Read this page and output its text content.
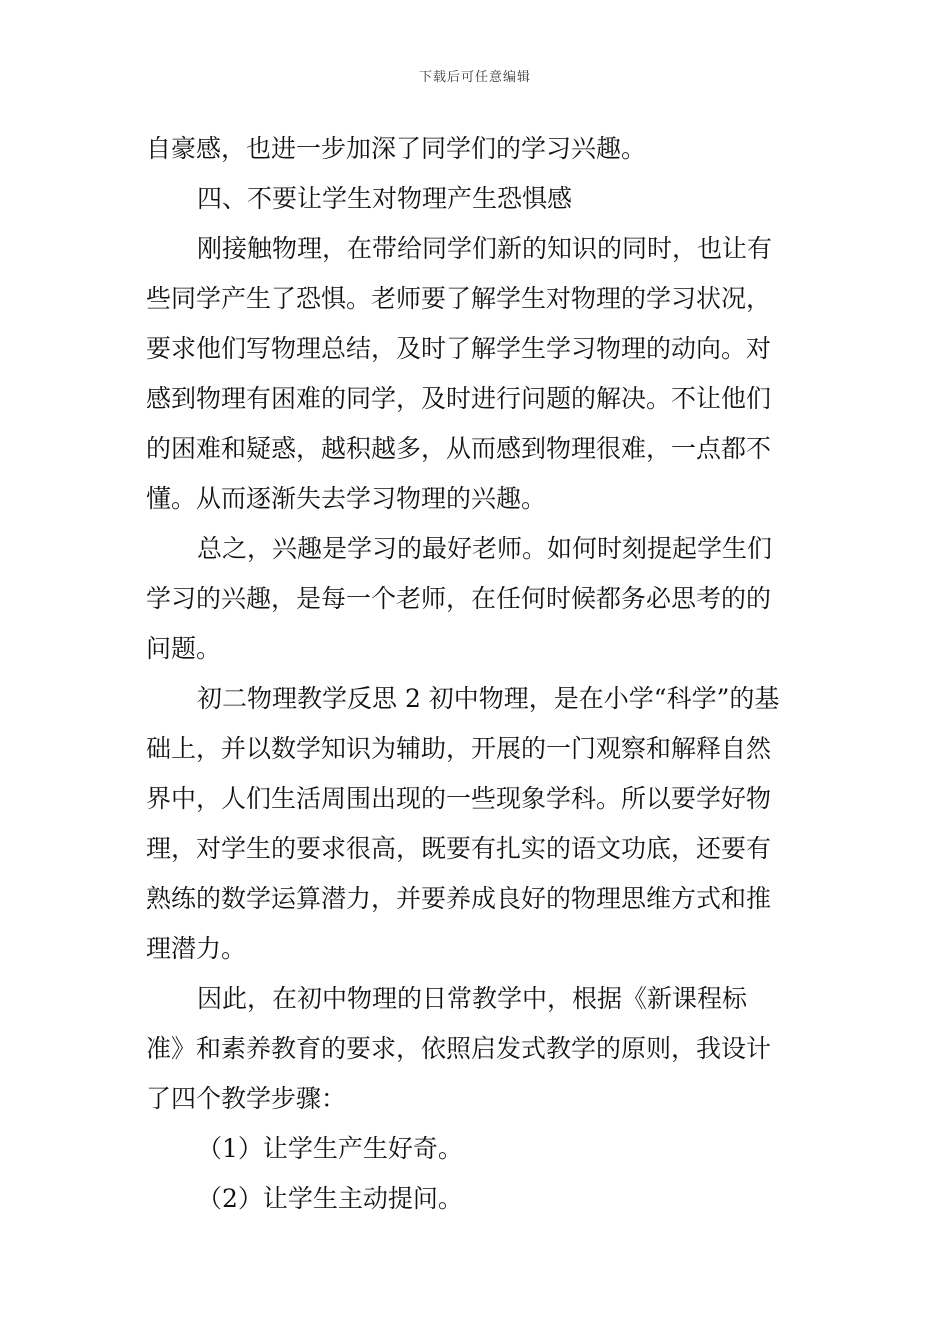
下载后可任意编辑
自豪感，也进一步加深了同学们的学习兴趣。
四、不要让学生对物理产生恐惧感
刚接触物理，在带给同学们新的知识的同时，也让有
些同学产生了恐惧。老师要了解学生对物理的学习状况，
要求他们写物理总结，及时了解学生学习物理的动向。对
感到物理有困难的同学，及时进行问题的解决。不让他们
的困难和疑惑，越积越多，从而感到物理很难，一点都不
懂。从而逐渐失去学习物理的兴趣。
总之，兴趣是学习的最好老师。如何时刻提起学生们
学习的兴趣，是每一个老师，在任何时候都务必思考的的
问题。
初二物理教学反思 2 初中物理，是在小学“科学”的基
础上，并以数学知识为辅助，开展的一门观察和解释自然
界中，人们生活周围出现的一些现象学科。所以要学好物
理，对学生的要求很高，既要有扎实的语文功底，还要有
熟练的数学运算潜力，并要养成良好的物理思维方式和推
理潜力。
因此，在初中物理的日常教学中，根据《新课程标
准》和素养教育的要求，依照启发式教学的原则，我设计
了四个教学步骤：
（1）让学生产生好奇。
（2）让学生主动提问。
